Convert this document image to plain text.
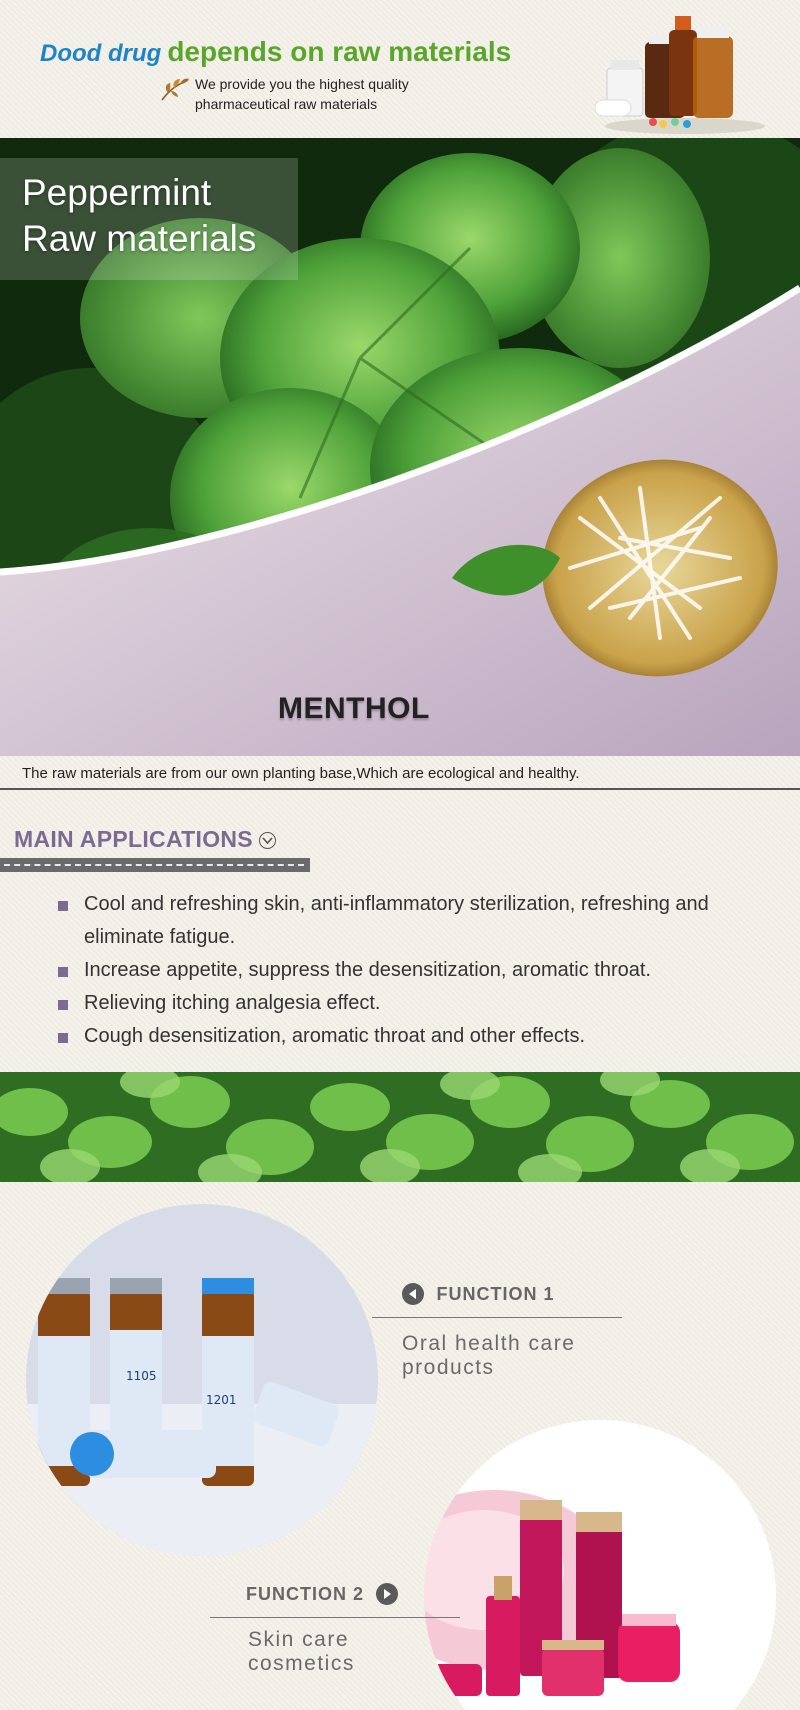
Dood drug depends on raw materials
We provide you the highest quality
pharmaceutical raw materials
Peppermint
Raw materials
MENTHOL
The raw materials are from our own planting base,Which are ecological and healthy.
MAIN APPLICATIONS
Cool and refreshing skin, anti-inflammatory sterilization, refreshing and eliminate fatigue.
Increase appetite, suppress the desensitization, aromatic throat.
Relieving itching analgesia effect.
Cough desensitization, aromatic throat and other effects.
1105
1201
FUNCTION 1
Oral health care
products
FUNCTION 2
Skin care
cosmetics
